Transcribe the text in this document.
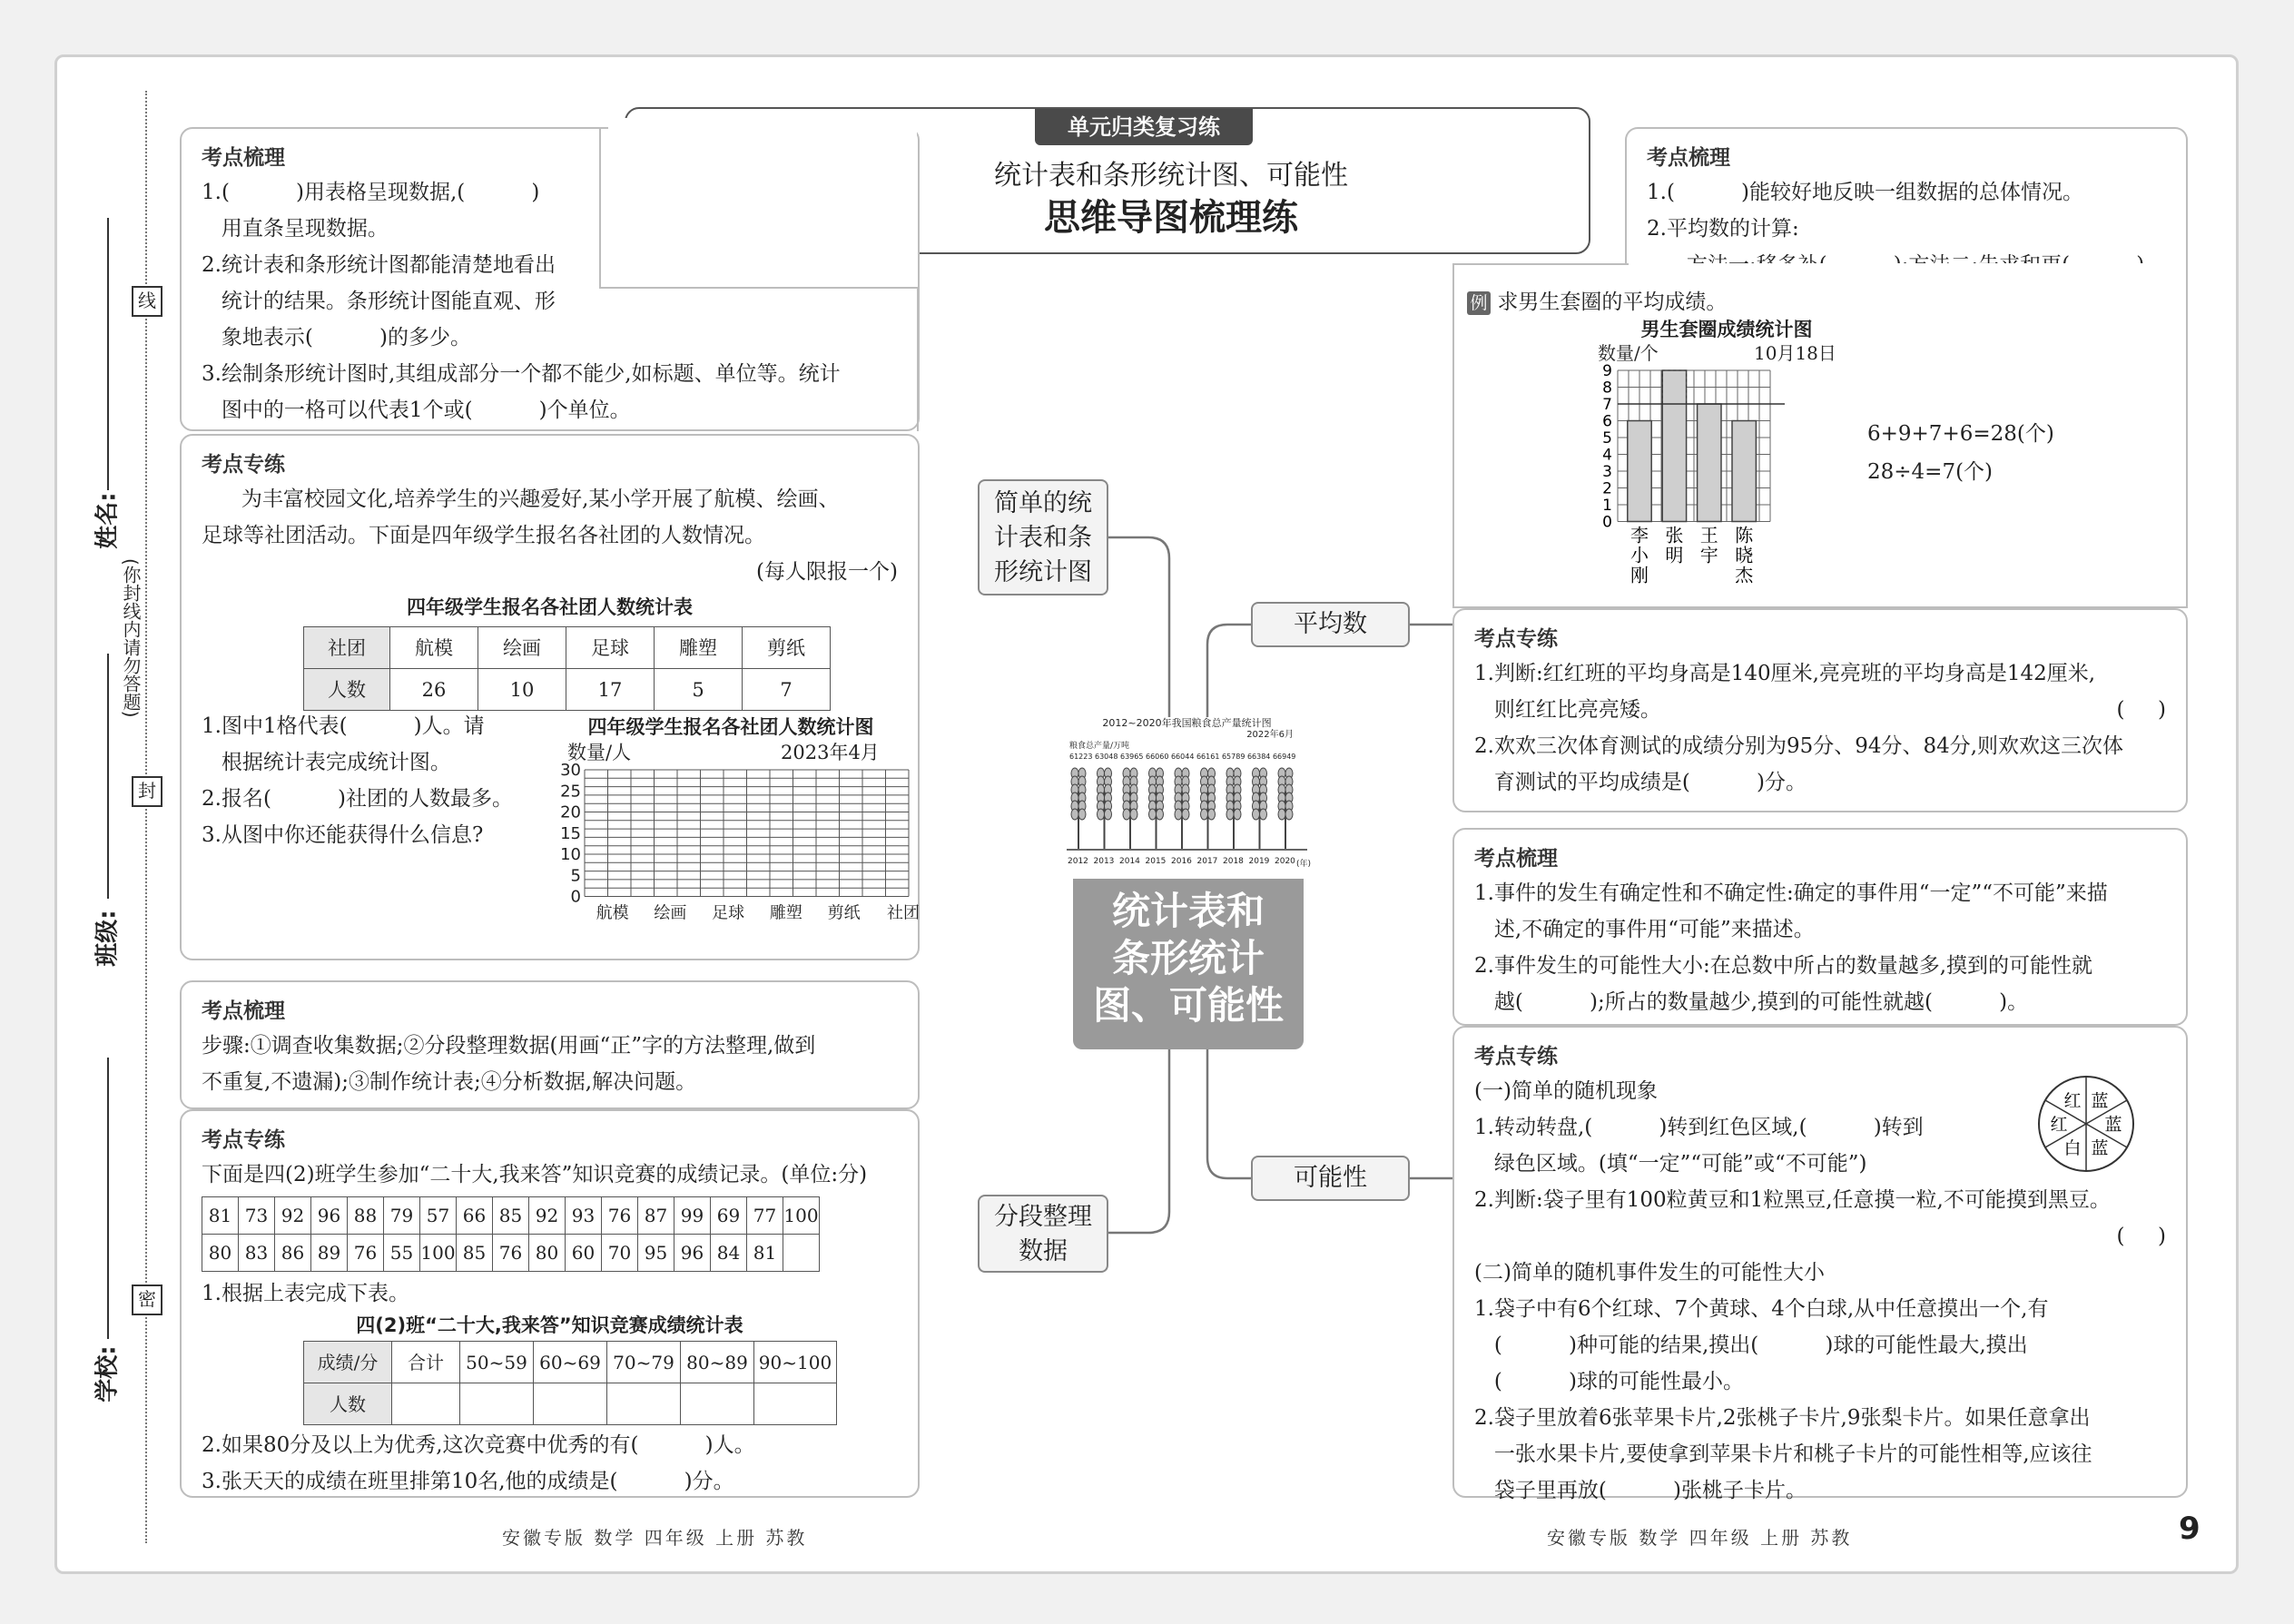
线
封
密
姓名:
班级:
学校:
(你封线内请勿答题)
单元归类复习练
统计表和条形统计图、可能性
思维导图梳理练
考点梳理
1.(          )用表格呈现数据,(          )
用直条呈现数据。
2.统计表和条形统计图都能清楚地看出
统计的结果。条形统计图能直观、形
象地表示(          )的多少。
3.绘制条形统计图时,其组成部分一个都不能少,如标题、单位等。统计
图中的一格可以代表1个或(          )个单位。
考点专练
为丰富校园文化,培养学生的兴趣爱好,某小学开展了航模、绘画、
足球等社团活动。下面是四年级学生报名各社团的人数情况。
(每人限报一个)
四年级学生报名各社团人数统计表
社团	航模	绘画	足球	雕塑	剪纸
人数	26	10	17	5	7
1.图中1格代表(          )人。请
根据统计表完成统计图。
2.报名(          )社团的人数最多。
3.从图中你还能获得什么信息?
四年级学生报名各社团人数统计图
数量/人	2023年4月
30
25
20
15
10
5
0
航模 绘画 足球 雕塑 剪纸 社团
考点梳理
步骤:①调查收集数据;②分段整理数据(用画“正”字的方法整理,做到
不重复,不遗漏);③制作统计表;④分析数据,解决问题。
考点专练
下面是四(2)班学生参加“二十大,我来答”知识竞赛的成绩记录。(单位:分)
81	73	92	96	88	79	57	66	85	92	93	76	87	99	69	77	100
80	83	86	89	76	55	100	85	76	80	60	70	95	96	84	81	
1.根据上表完成下表。
四(2)班“二十大,我来答”知识竞赛成绩统计表
成绩/分	合计	50~59	60~69	70~79	80~89	90~100
人数						
2.如果80分及以上为优秀,这次竞赛中优秀的有(          )人。
3.张天天的成绩在班里排第10名,他的成绩是(          )分。
简单的统
计表和条
形统计图
分段整理
数据
平均数
可能性
2012~2020年我国粮食总产量统计图
2022年6月
粮食总产量/万吨
61223 63048 63965 66060 66044 66161 65789 66384 66949
2012 2013 2014 2015 2016 2017 2018 2019 2020 (年)
统计表和
条形统计
图、可能性
考点梳理
1.(          )能较好地反映一组数据的总体情况。
2.平均数的计算:
例 求男生套圈的平均成绩。
男生套圈成绩统计图
数量/个	10月18日
9
8
7
6
5
4
3
2
1
0
李
小
刚
张
明
王
宇
陈
晓
杰
6+9+7+6=28(个)
28÷4=7(个)
考点专练
1.判断:红红班的平均身高是140厘米,亮亮班的平均身高是142厘米,
则红红比亮亮矮。	(     )
2.欢欢三次体育测试的成绩分别为95分、94分、84分,则欢欢这三次体
育测试的平均成绩是(          )分。
考点梳理
1.事件的发生有确定性和不确定性:确定的事件用“一定”“不可能”来描
述,不确定的事件用“可能”来描述。
2.事件发生的可能性大小:在总数中所占的数量越多,摸到的可能性就
越(          );所占的数量越少,摸到的可能性就越(          )。
考点专练
(一)简单的随机现象
1.转动转盘,(          )转到红色区域,(          )转到
绿色区域。(填“一定”“可能”或“不可能”)
2.判断:袋子里有100粒黄豆和1粒黑豆,任意摸一粒,不可能摸到黑豆。
(     )
(二)简单的随机事件发生的可能性大小
1.袋子中有6个红球、7个黄球、4个白球,从中任意摸出一个,有
(          )种可能的结果,摸出(          )球的可能性最大,摸出
(          )球的可能性最小。
2.袋子里放着6张苹果卡片,2张桃子卡片,9张梨卡片。如果任意拿出
一张水果卡片,要使拿到苹果卡片和桃子卡片的可能性相等,应该往
袋子里再放(          )张桃子卡片。
红
红 蓝
蓝
蓝
白
安徽专版 数学 四年级 上册 苏教	安徽专版 数学 四年级 上册 苏教	9
